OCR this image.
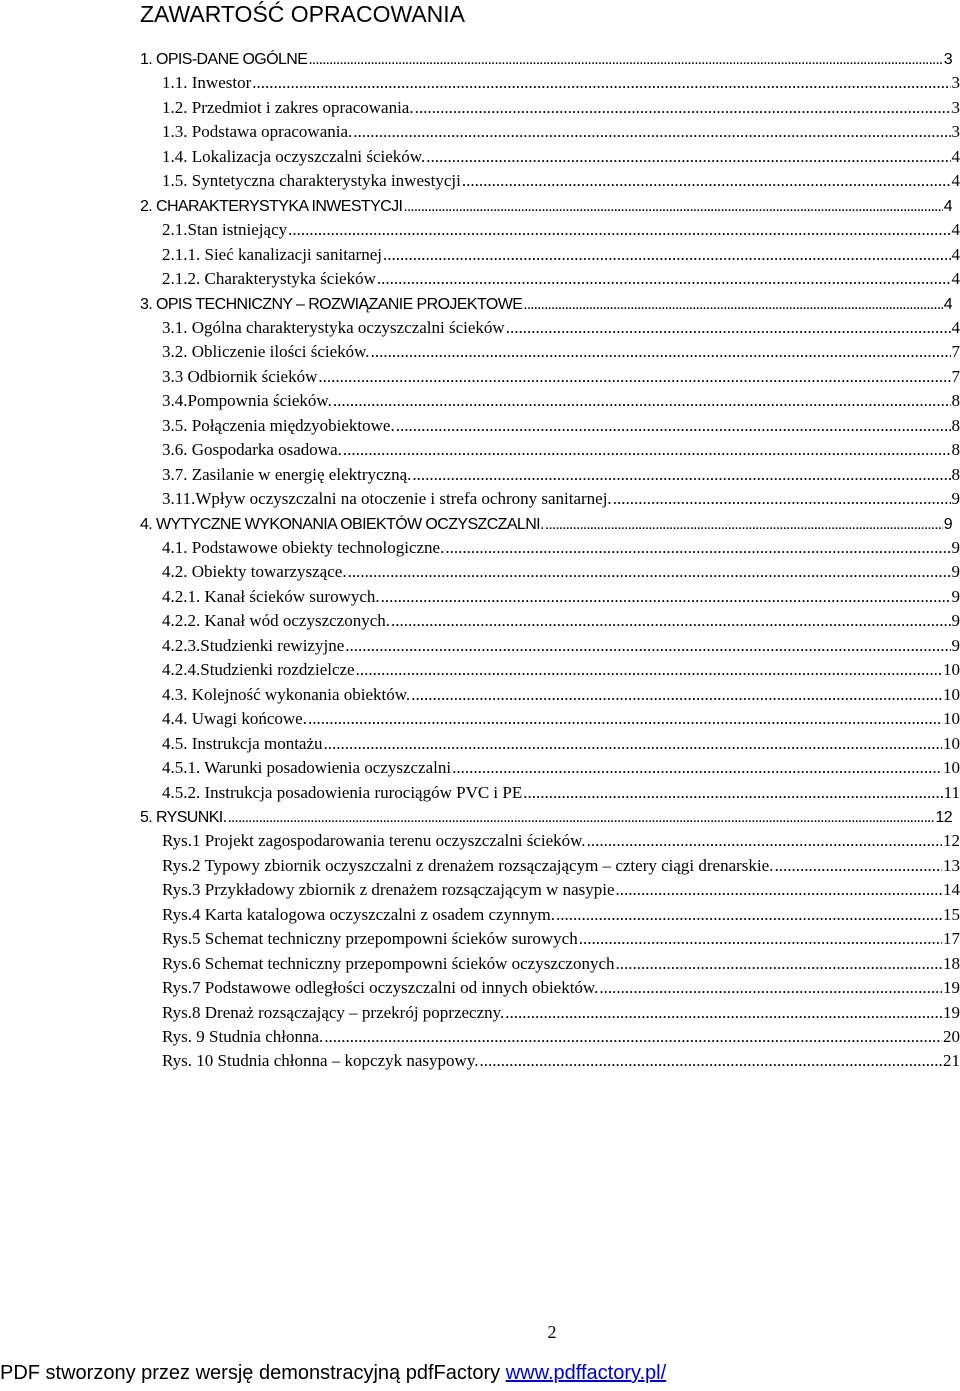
ZAWARTOŚĆ OPRACOWANIA
1. OPIS-DANE OGÓLNE .....	3
1.1. Inwestor .....	3
1.2. Przedmiot i zakres opracowania. .....	3
1.3. Podstawa opracowania. .....	3
1.4. Lokalizacja oczyszczalni ścieków. .....	4
1.5. Syntetyczna charakterystyka inwestycji .....	4
2. CHARAKTERYSTYKA INWESTYCJI .....	4
2.1.Stan istniejący .....	4
2.1.1. Sieć kanalizacji sanitarnej .....	4
2.1.2. Charakterystyka ścieków .....	4
3. OPIS TECHNICZNY – ROZWIĄZANIE PROJEKTOWE .....	4
3.1. Ogólna charakterystyka oczyszczalni ścieków .....	4
3.2. Obliczenie ilości ścieków. .....	7
3.3 Odbiornik ścieków .....	7
3.4.Pompownia ścieków. .....	8
3.5. Połączenia międzyobiektowe. .....	8
3.6. Gospodarka osadowa. .....	8
3.7. Zasilanie w energię elektryczną. .....	8
3.11.Wpływ oczyszczalni na otoczenie i strefa ochrony sanitarnej. .....	9
4. WYTYCZNE WYKONANIA OBIEKTÓW OCZYSZCZALNI. .....	9
4.1. Podstawowe obiekty technologiczne. .....	9
4.2. Obiekty towarzyszące. .....	9
4.2.1. Kanał ścieków surowych. .....	9
4.2.2. Kanał wód oczyszczonych. .....	9
4.2.3.Studzienki rewizyjne .....	9
4.2.4.Studzienki rozdzielcze .....	10
4.3. Kolejność wykonania obiektów. .....	10
4.4. Uwagi końcowe. .....	10
4.5. Instrukcja montażu .....	10
4.5.1. Warunki posadowienia oczyszczalni .....	10
4.5.2. Instrukcja posadowienia rurociągów PVC i PE .....	11
5. RYSUNKI. .....	12
Rys.1 Projekt zagospodarowania terenu oczyszczalni ścieków. .....	12
Rys.2 Typowy zbiornik oczyszczalni z drenażem rozsączającym – cztery ciągi drenarskie. .....	13
Rys.3 Przykładowy zbiornik z drenażem rozsączającym w nasypie .....	14
Rys.4 Karta katalogowa oczyszczalni z osadem czynnym. .....	15
Rys.5 Schemat techniczny przepompowni ścieków surowych .....	17
Rys.6 Schemat techniczny przepompowni ścieków oczyszczonych .....	18
Rys.7 Podstawowe odległości oczyszczalni od innych obiektów. .....	19
Rys.8 Drenaż rozsączający – przekrój poprzeczny. .....	19
Rys. 9 Studnia chłonna. .....	20
Rys. 10 Studnia chłonna – kopczyk nasypowy. .....	21
2
PDF stworzony przez wersję demonstracyjną pdfFactory www.pdffactory.pl/
